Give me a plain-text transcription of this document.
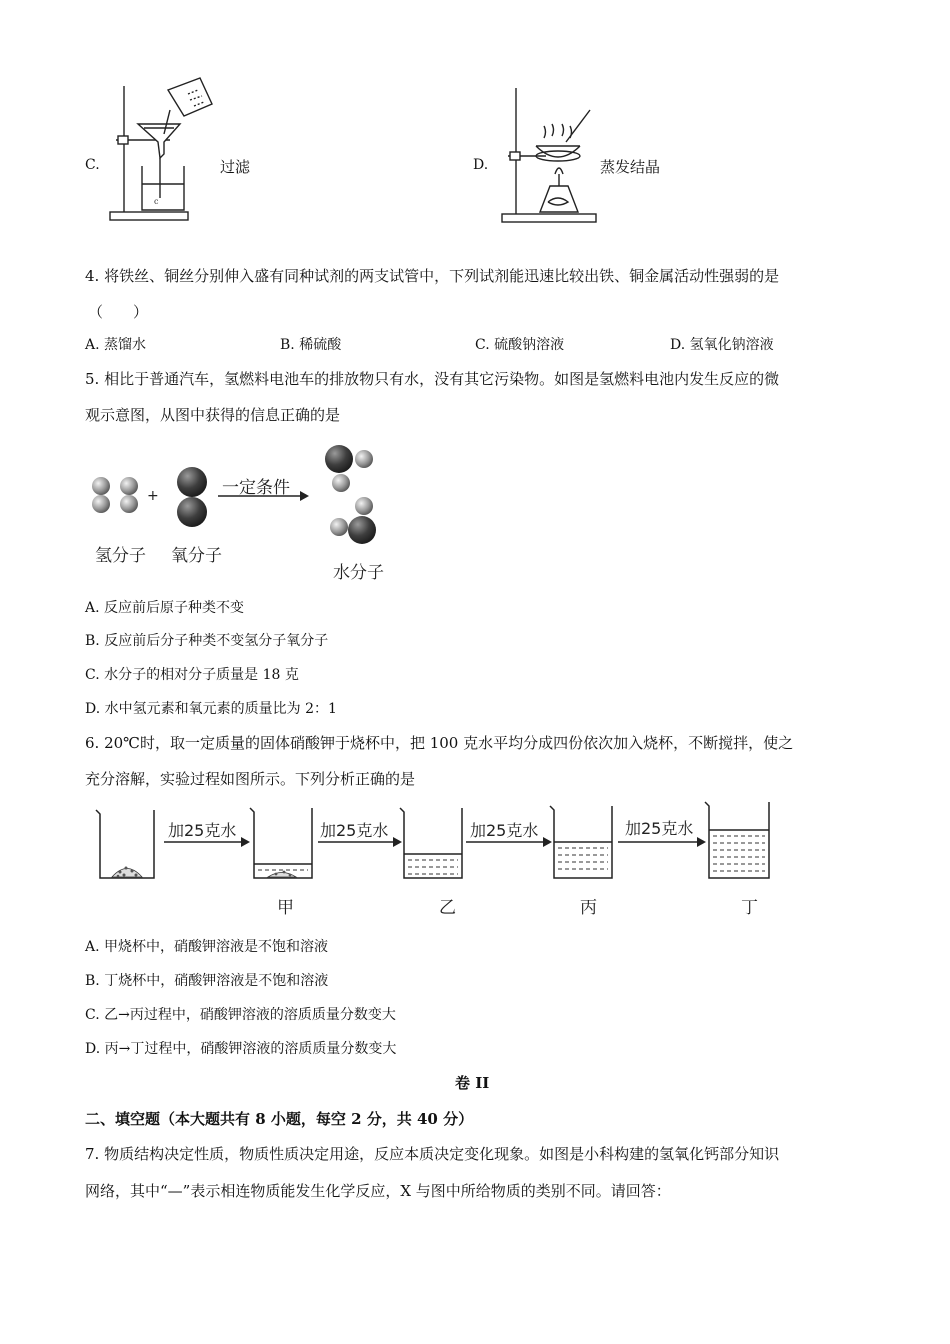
C.
c
过滤	D.	蒸发结晶
4. 将铁丝、铜丝分别伸入盛有同种试剂的两支试管中，下列试剂能迅速比较出铁、铜金属活动性强弱的是
（　　）
A. 蒸馏水	B. 稀硫酸	C. 硫酸钠溶液	D. 氢氧化钠溶液
5. 相比于普通汽车，氢燃料电池车的排放物只有水，没有其它污染物。如图是氢燃料电池内发生反应的微
观示意图，从图中获得的信息正确的是
+	一定条件
氢分子 氧分子
水分子
A. 反应前后原子种类不变
B. 反应前后分子种类不变氢分子氧分子
C. 水分子的相对分子质量是 18 克
D. 水中氢元素和氧元素的质量比为 2：1
6. 20℃时，取一定质量的固体硝酸钾于烧杯中，把 100 克水平均分成四份依次加入烧杯，不断搅拌，使之
充分溶解，实验过程如图所示。下列分析正确的是
加25克水	加25克水	加25克水	加25克水
甲	乙	丙	丁
A. 甲烧杯中，硝酸钾溶液是不饱和溶液
B. 丁烧杯中，硝酸钾溶液是不饱和溶液
C. 乙→丙过程中，硝酸钾溶液的溶质质量分数变大
D. 丙→丁过程中，硝酸钾溶液的溶质质量分数变大
卷 II
二、填空题（本大题共有 8 小题，每空 2 分，共 40 分）
7. 物质结构决定性质，物质性质决定用途，反应本质决定变化现象。如图是小科构建的氢氧化钙部分知识
网络，其中“—”表示相连物质能发生化学反应，X 与图中所给物质的类别不同。请回答：
